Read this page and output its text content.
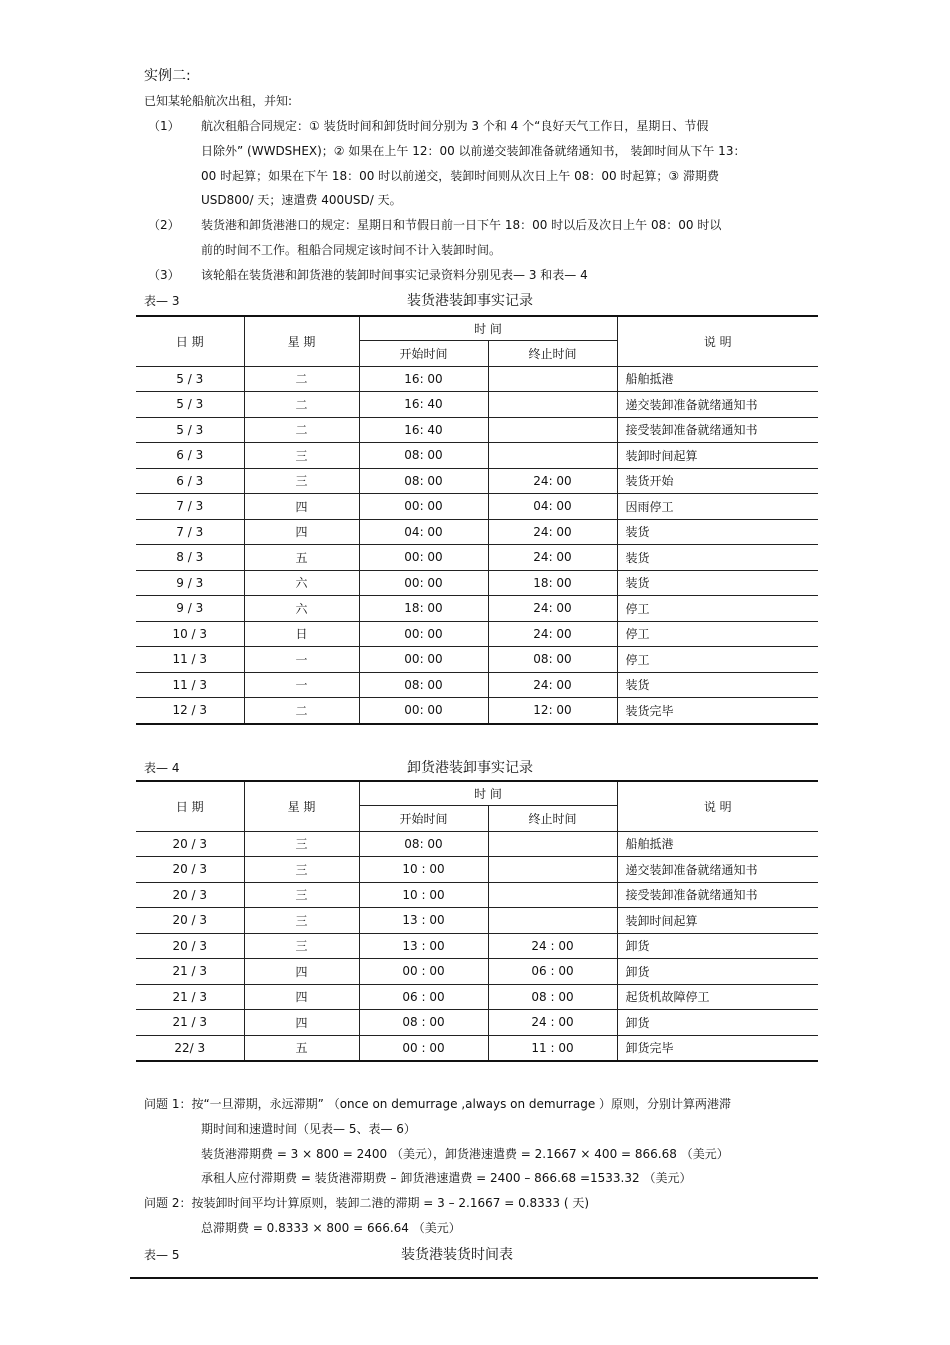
实例二:
已知某轮船航次出租，并知:
（1） 航次租船合同规定：① 装货时间和卸货时间分别为 3 个和 4 个“良好天气工作日，星期日、节假
日除外” (WWDSHEX)；② 如果在上午 12：00 以前递交装卸准备就绪通知书， 装卸时间从下午 13：
00 时起算；如果在下午 18：00 时以前递交，装卸时间则从次日上午 08：00 时起算；③ 滞期费
USD800/ 天；速遣费 400USD/ 天。
（2） 装货港和卸货港港口的规定：星期日和节假日前一日下午 18：00 时以后及次日上午 08：00 时以
前的时间不工作。租船合同规定该时间不计入装卸时间。
（3） 该轮船在装货港和卸货港的装卸时间事实记录资料分别见表— 3 和表— 4
表— 3	装货港装卸事实记录
日 期	星 期	时 间		说 明
		开始时间	终止时间	
5 / 3	二	16: 00		船舶抵港
5 / 3	二	16: 40		递交装卸准备就绪通知书
5 / 3	二	16: 40		接受装卸准备就绪通知书
6 / 3	三	08: 00		装卸时间起算
6 / 3	三	08: 00	24: 00	装货开始
7 / 3	四	00: 00	04: 00	因雨停工
7 / 3	四	04: 00	24: 00	装货
8 / 3	五	00: 00	24: 00	装货
9 / 3	六	00: 00	18: 00	装货
9 / 3	六	18: 00	24: 00	停工
10 / 3	日	00: 00	24: 00	停工
11 / 3	一	00: 00	08: 00	停工
11 / 3	一	08: 00	24: 00	装货
12 / 3	二	00: 00	12: 00	装货完毕
表— 4	卸货港装卸事实记录
日 期	星 期	时 间		说 明
		开始时间	终止时间	
20 / 3	三	08: 00		船舶抵港
20 / 3	三	10 : 00		递交装卸准备就绪通知书
20 / 3	三	10 : 00		接受装卸准备就绪通知书
20 / 3	三	13 : 00		装卸时间起算
20 / 3	三	13 : 00	24 : 00	卸货
21 / 3	四	00 : 00	06 : 00	卸货
21 / 3	四	06 : 00	08 : 00	起货机故障停工
21 / 3	四	08 : 00	24 : 00	卸货
22/ 3	五	00 : 00	11 : 00	卸货完毕
问题 1：按“一旦滞期，永远滞期” （once on demurrage ,always on demurrage ）原则，分别计算两港滞
期时间和速遣时间（见表— 5、表— 6）
装货港滞期费 = 3 × 800 = 2400 （美元），卸货港速遣费 = 2.1667 × 400 = 866.68 （美元）
承租人应付滞期费 = 装货港滞期费 – 卸货港速遣费 = 2400 – 866.68 =1533.32 （美元）
问题 2：按装卸时间平均计算原则，装卸二港的滞期 = 3 – 2.1667 = 0.8333 ( 天)
总滞期费 = 0.8333 × 800 = 666.64 （美元）
表— 5	装货港装货时间表
